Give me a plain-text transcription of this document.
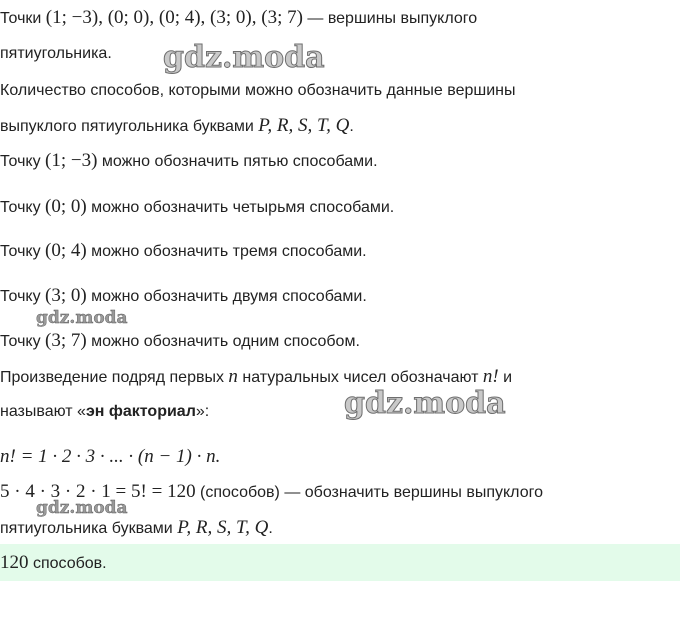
Точки (1; −3), (0; 0), (0; 4), (3; 0), (3; 7) — вершины выпуклого
пятиугольника.
Количество способов, которыми можно обозначить данные вершины
выпуклого пятиугольника буквами P, R, S, T, Q.
Точку (1; −3) можно обозначить пятью способами.
Точку (0; 0) можно обозначить четырьмя способами.
Точку (0; 4) можно обозначить тремя способами.
Точку (3; 0) можно обозначить двумя способами.
Точку (3; 7) можно обозначить одним способом.
Произведение подряд первых n натуральных чисел обозначают n! и
называют «эн факториал»:
n! = 1 · 2 · 3 · ... · (n − 1) · n.
5 · 4 · 3 · 2 · 1 = 5! = 120 (способов) — обозначить вершины выпуклого
пятиугольника буквами P, R, S, T, Q.
120 способов.
gdz.moda
gdz.moda
gdz.moda
gdz.moda
